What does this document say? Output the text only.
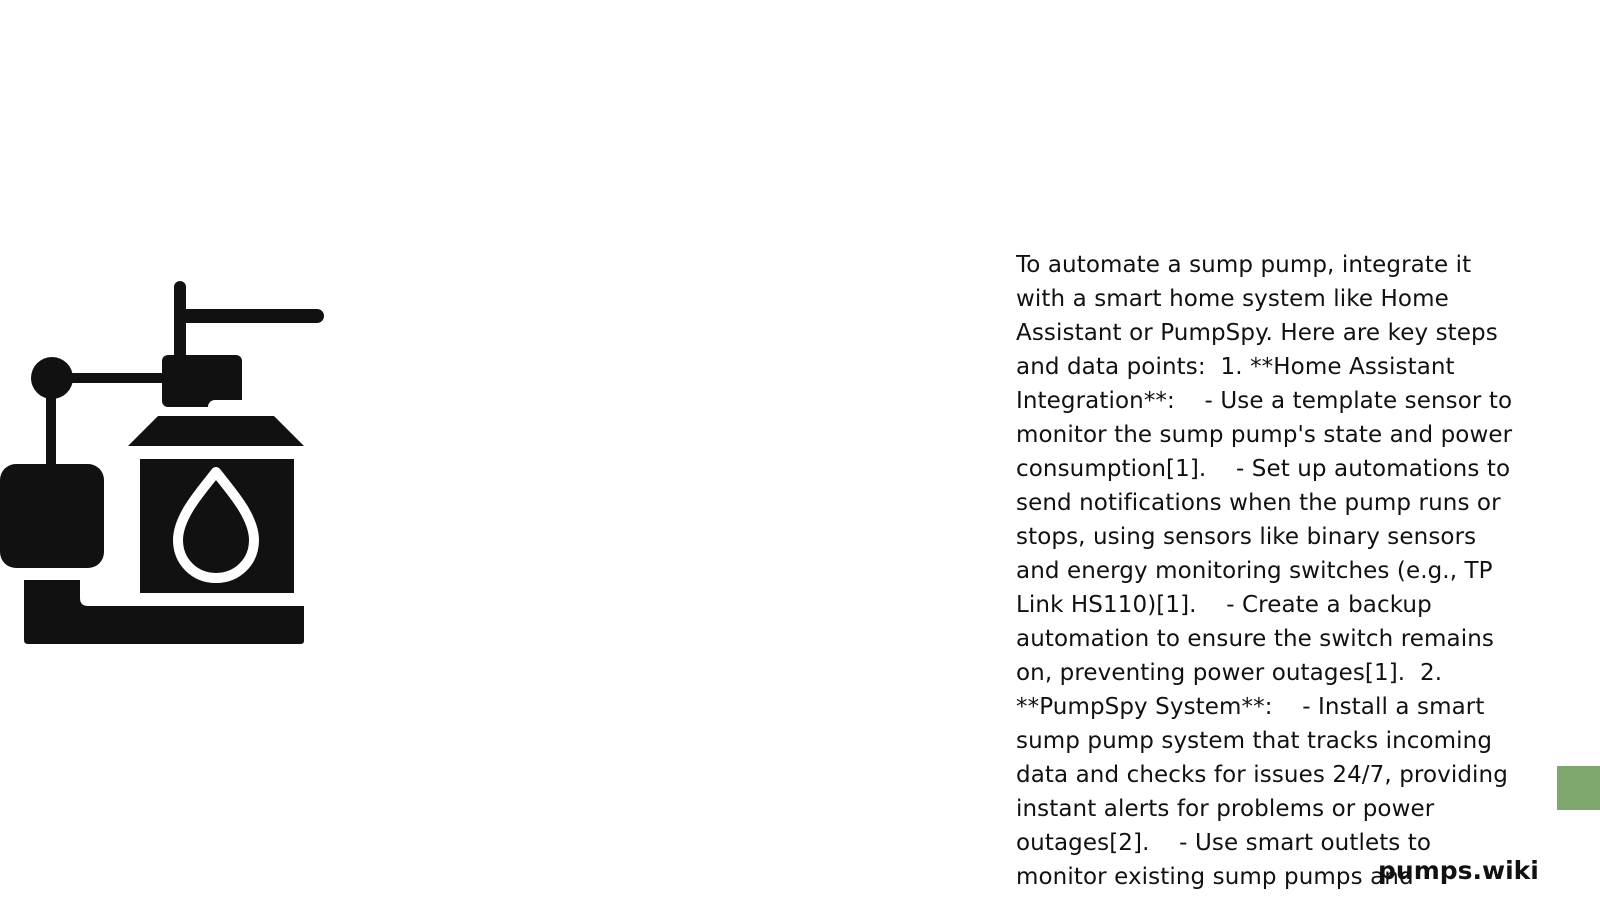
To automate a sump pump, integrate it with a smart home system like Home Assistant or PumpSpy. Here are key steps and data points:  1. **Home Assistant Integration**:    - Use a template sensor to monitor the sump pump's state and power consumption[1].    - Set up automations to send notifications when the pump runs or stops, using sensors like binary sensors and energy monitoring switches (e.g., TP Link HS110)[1].    - Create a backup automation to ensure the switch remains on, preventing power outages[1].  2. **PumpSpy System**:    - Install a smart sump pump system that tracks incoming data and checks for issues 24/7, providing instant alerts for problems or power outages[2].    - Use smart outlets to monitor existing sump pumps and

pumps.wiki
